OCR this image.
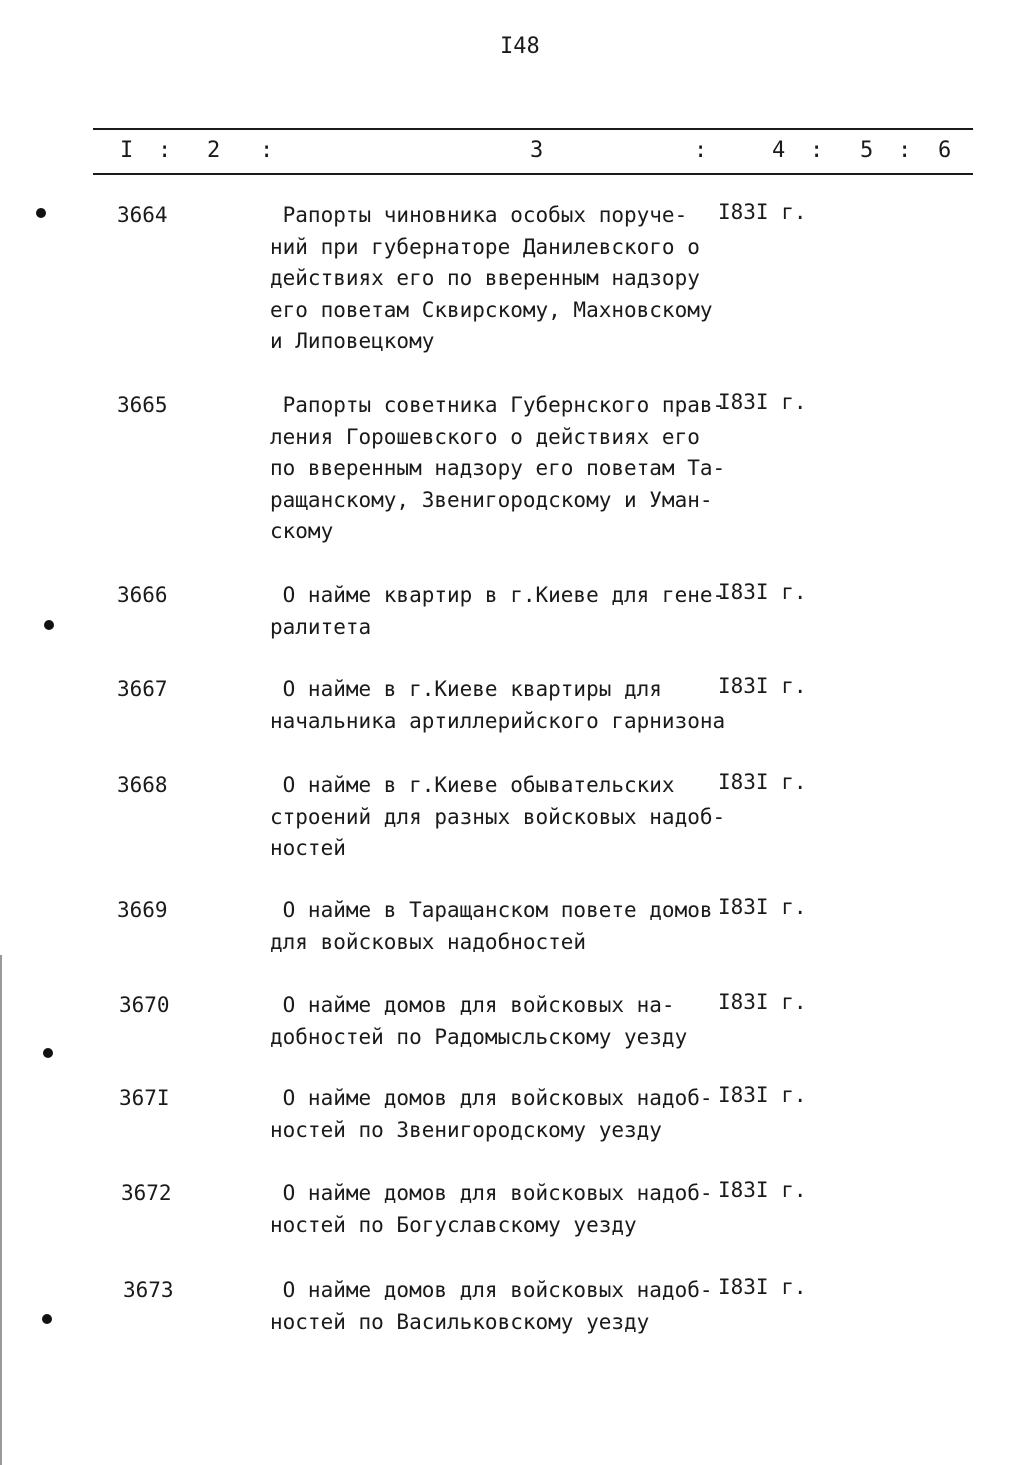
I48
I : 2 :	3	:	4 : 5 : 6
3664	Рапорты чиновника особых поруче-
ний при губернаторе Данилевского о
действиях его по вверенным надзору
его поветам Сквирскому, Махновскому
и Липовецкому
I83I г.
3665	Рапорты советника Губернского прав-
ления Горошевского о действиях его
по вверенным надзору его поветам Та-
ращанскому, Звенигородскому и Уман-
скому
I83I г.
3666	О найме квартир в г.Киеве для гене-
ралитета
I83I г.
3667	О найме в г.Киеве квартиры для
начальника артиллерийского гарнизона
I83I г.
3668	О найме в г.Киеве обывательских
строений для разных войсковых надоб-
ностей
I83I г.
3669	О найме в Таращанском повете домов
для войсковых надобностей
I83I г.
3670	О найме домов для войсковых на-
добностей по Радомысльскому уезду
I83I г.
367I	О найме домов для войсковых надоб-
ностей по Звенигородскому уезду
I83I г.
3672	О найме домов для войсковых надоб-
ностей по Богуславскому уезду
I83I г.
3673	О найме домов для войсковых надоб-
ностей по Васильковскому уезду
I83I г.
